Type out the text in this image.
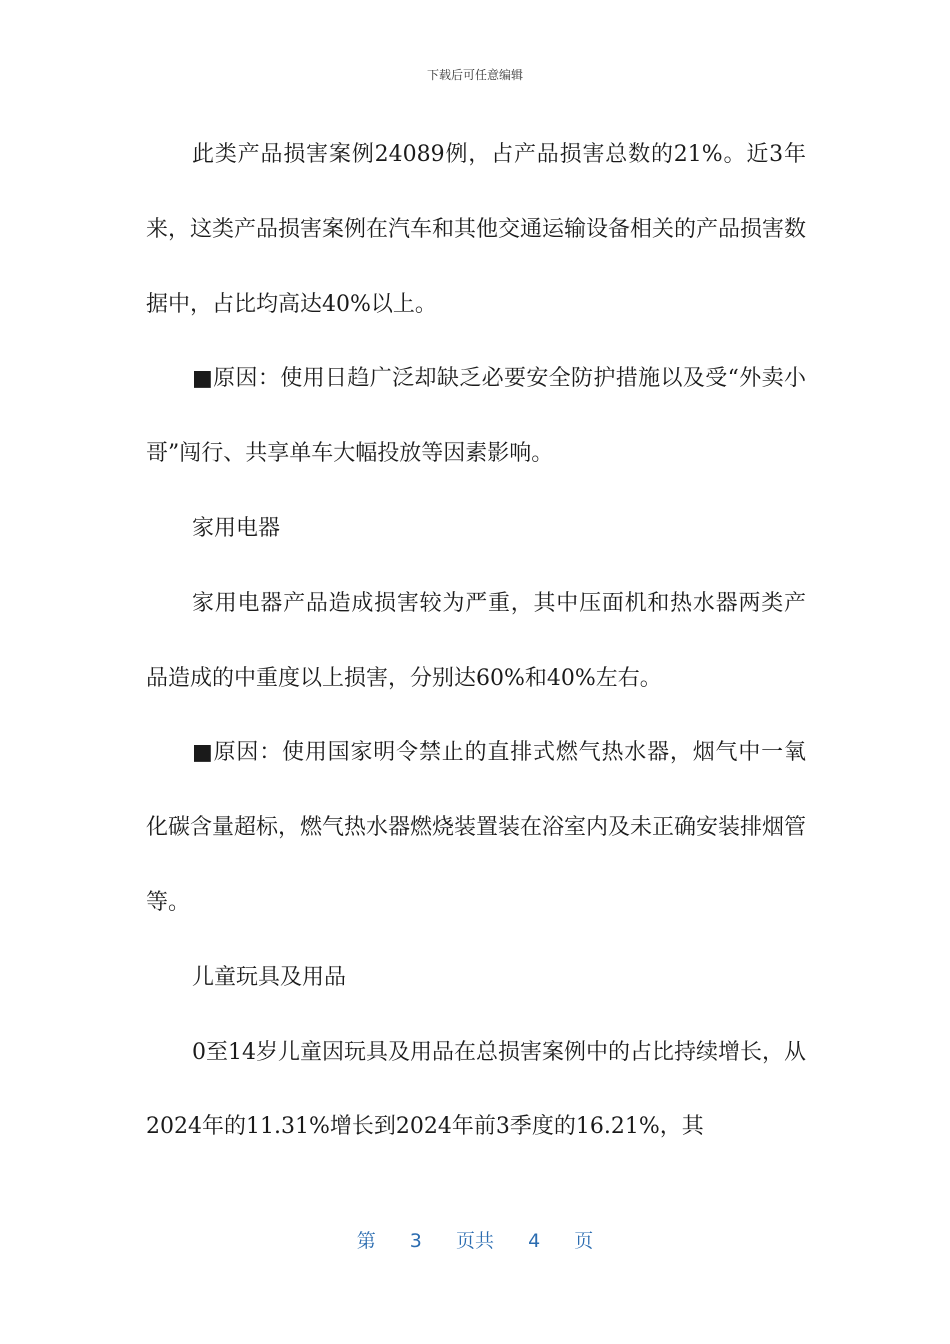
下载后可任意编辑

此类产品损害案例24089例，占产品损害总数的21%。近3年来，这类产品损害案例在汽车和其他交通运输设备相关的产品损害数据中，占比均高达40%以上。

■原因：使用日趋广泛却缺乏必要安全防护措施以及受“外卖小哥”闯行、共享单车大幅投放等因素影响。

家用电器

家用电器产品造成损害较为严重，其中压面机和热水器两类产品造成的中重度以上损害，分别达60%和40%左右。

■原因：使用国家明令禁止的直排式燃气热水器，烟气中一氧化碳含量超标，燃气热水器燃烧装置装在浴室内及未正确安装排烟管等。

儿童玩具及用品

0至14岁儿童因玩具及用品在总损害案例中的占比持续增长，从2024年的11.31%增长到2024年前3季度的16.21%，其

第 3 页共 4 页
